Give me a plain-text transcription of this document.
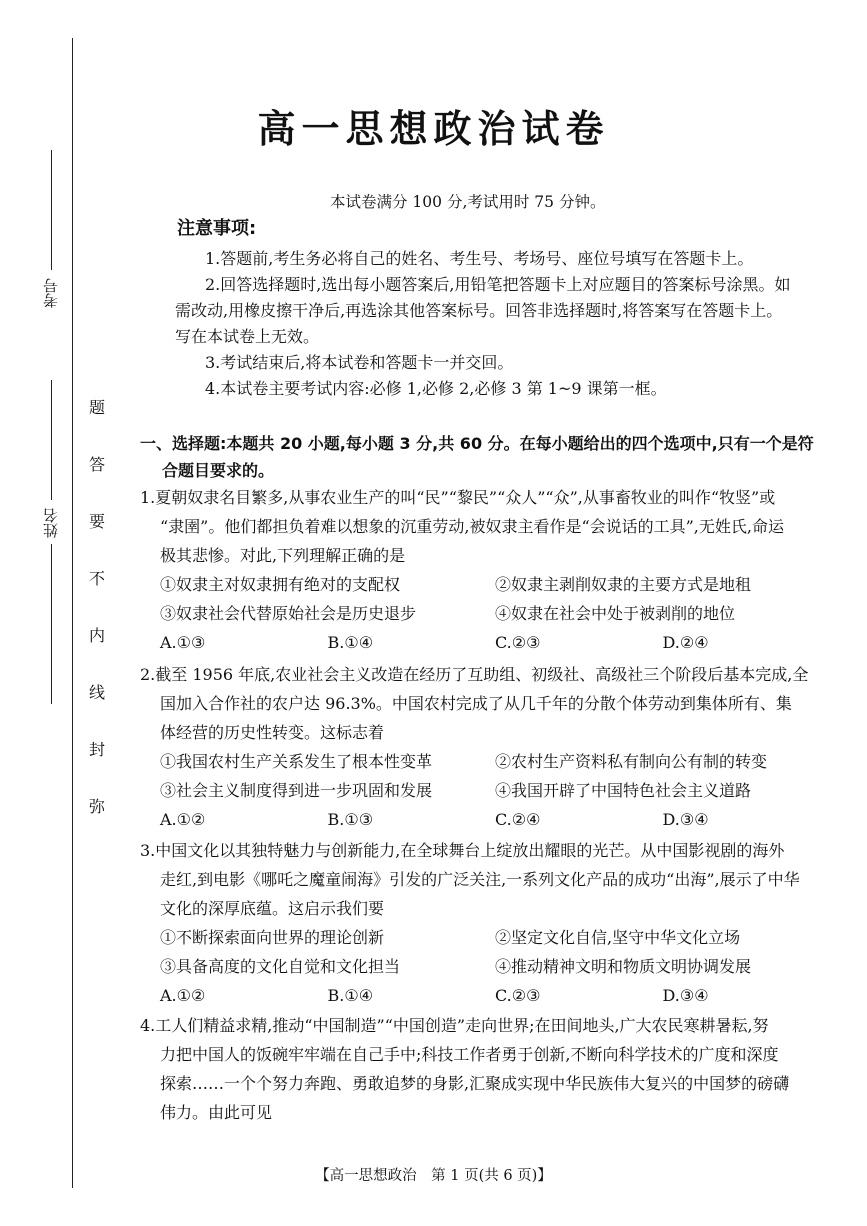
考号
姓名
题
答
要
不
内
线
封
弥
高一思想政治试卷
本试卷满分 100 分,考试用时 75 分钟。
注意事项:

1.答题前,考生务必将自己的姓名、考生号、考场号、座位号填写在答题卡上。

2.回答选择题时,选出每小题答案后,用铅笔把答题卡上对应题目的答案标号涂黑。如需改动,用橡皮擦干净后,再选涂其他答案标号。回答非选择题时,将答案写在答题卡上。写在本试卷上无效。

3.考试结束后,将本试卷和答题卡一并交回。

4.本试卷主要考试内容:必修 1,必修 2,必修 3 第 1~9 课第一框。

一、选择题:本题共 20 小题,每小题 3 分,共 60 分。在每小题给出的四个选项中,只有一个是符
合题目要求的。

1.夏朝奴隶名目繁多,从事农业生产的叫“民”“黎民”“众人”“众”,从事畜牧业的叫作“牧竖”或

“隶圉”。他们都担负着难以想象的沉重劳动,被奴隶主看作是“会说话的工具”,无姓氏,命运

极其悲惨。对此,下列理解正确的是

①奴隶主对奴隶拥有绝对的支配权	②奴隶主剥削奴隶的主要方式是地租
③奴隶社会代替原始社会是历史退步	④奴隶在社会中处于被剥削的地位
A.①③	B.①④	C.②③	D.②④

2.截至 1956 年底,农业社会主义改造在经历了互助组、初级社、高级社三个阶段后基本完成,全

国加入合作社的农户达 96.3%。中国农村完成了从几千年的分散个体劳动到集体所有、集

体经营的历史性转变。这标志着

①我国农村生产关系发生了根本性变革	②农村生产资料私有制向公有制的转变
③社会主义制度得到进一步巩固和发展	④我国开辟了中国特色社会主义道路
A.①②	B.①③	C.②④	D.③④

3.中国文化以其独特魅力与创新能力,在全球舞台上绽放出耀眼的光芒。从中国影视剧的海外

走红,到电影《哪吒之魔童闹海》引发的广泛关注,一系列文化产品的成功“出海”,展示了中华

文化的深厚底蕴。这启示我们要

①不断探索面向世界的理论创新	②坚定文化自信,坚守中华文化立场
③具备高度的文化自觉和文化担当	④推动精神文明和物质文明协调发展
A.①②	B.①④	C.②③	D.③④

4.工人们精益求精,推动“中国制造”“中国创造”走向世界;在田间地头,广大农民寒耕暑耘,努

力把中国人的饭碗牢牢端在自己手中;科技工作者勇于创新,不断向科学技术的广度和深度

探索……一个个努力奔跑、勇敢追梦的身影,汇聚成实现中华民族伟大复兴的中国梦的磅礴

伟力。由此可见

【高一思想政治　第 1 页(共 6 页)】
